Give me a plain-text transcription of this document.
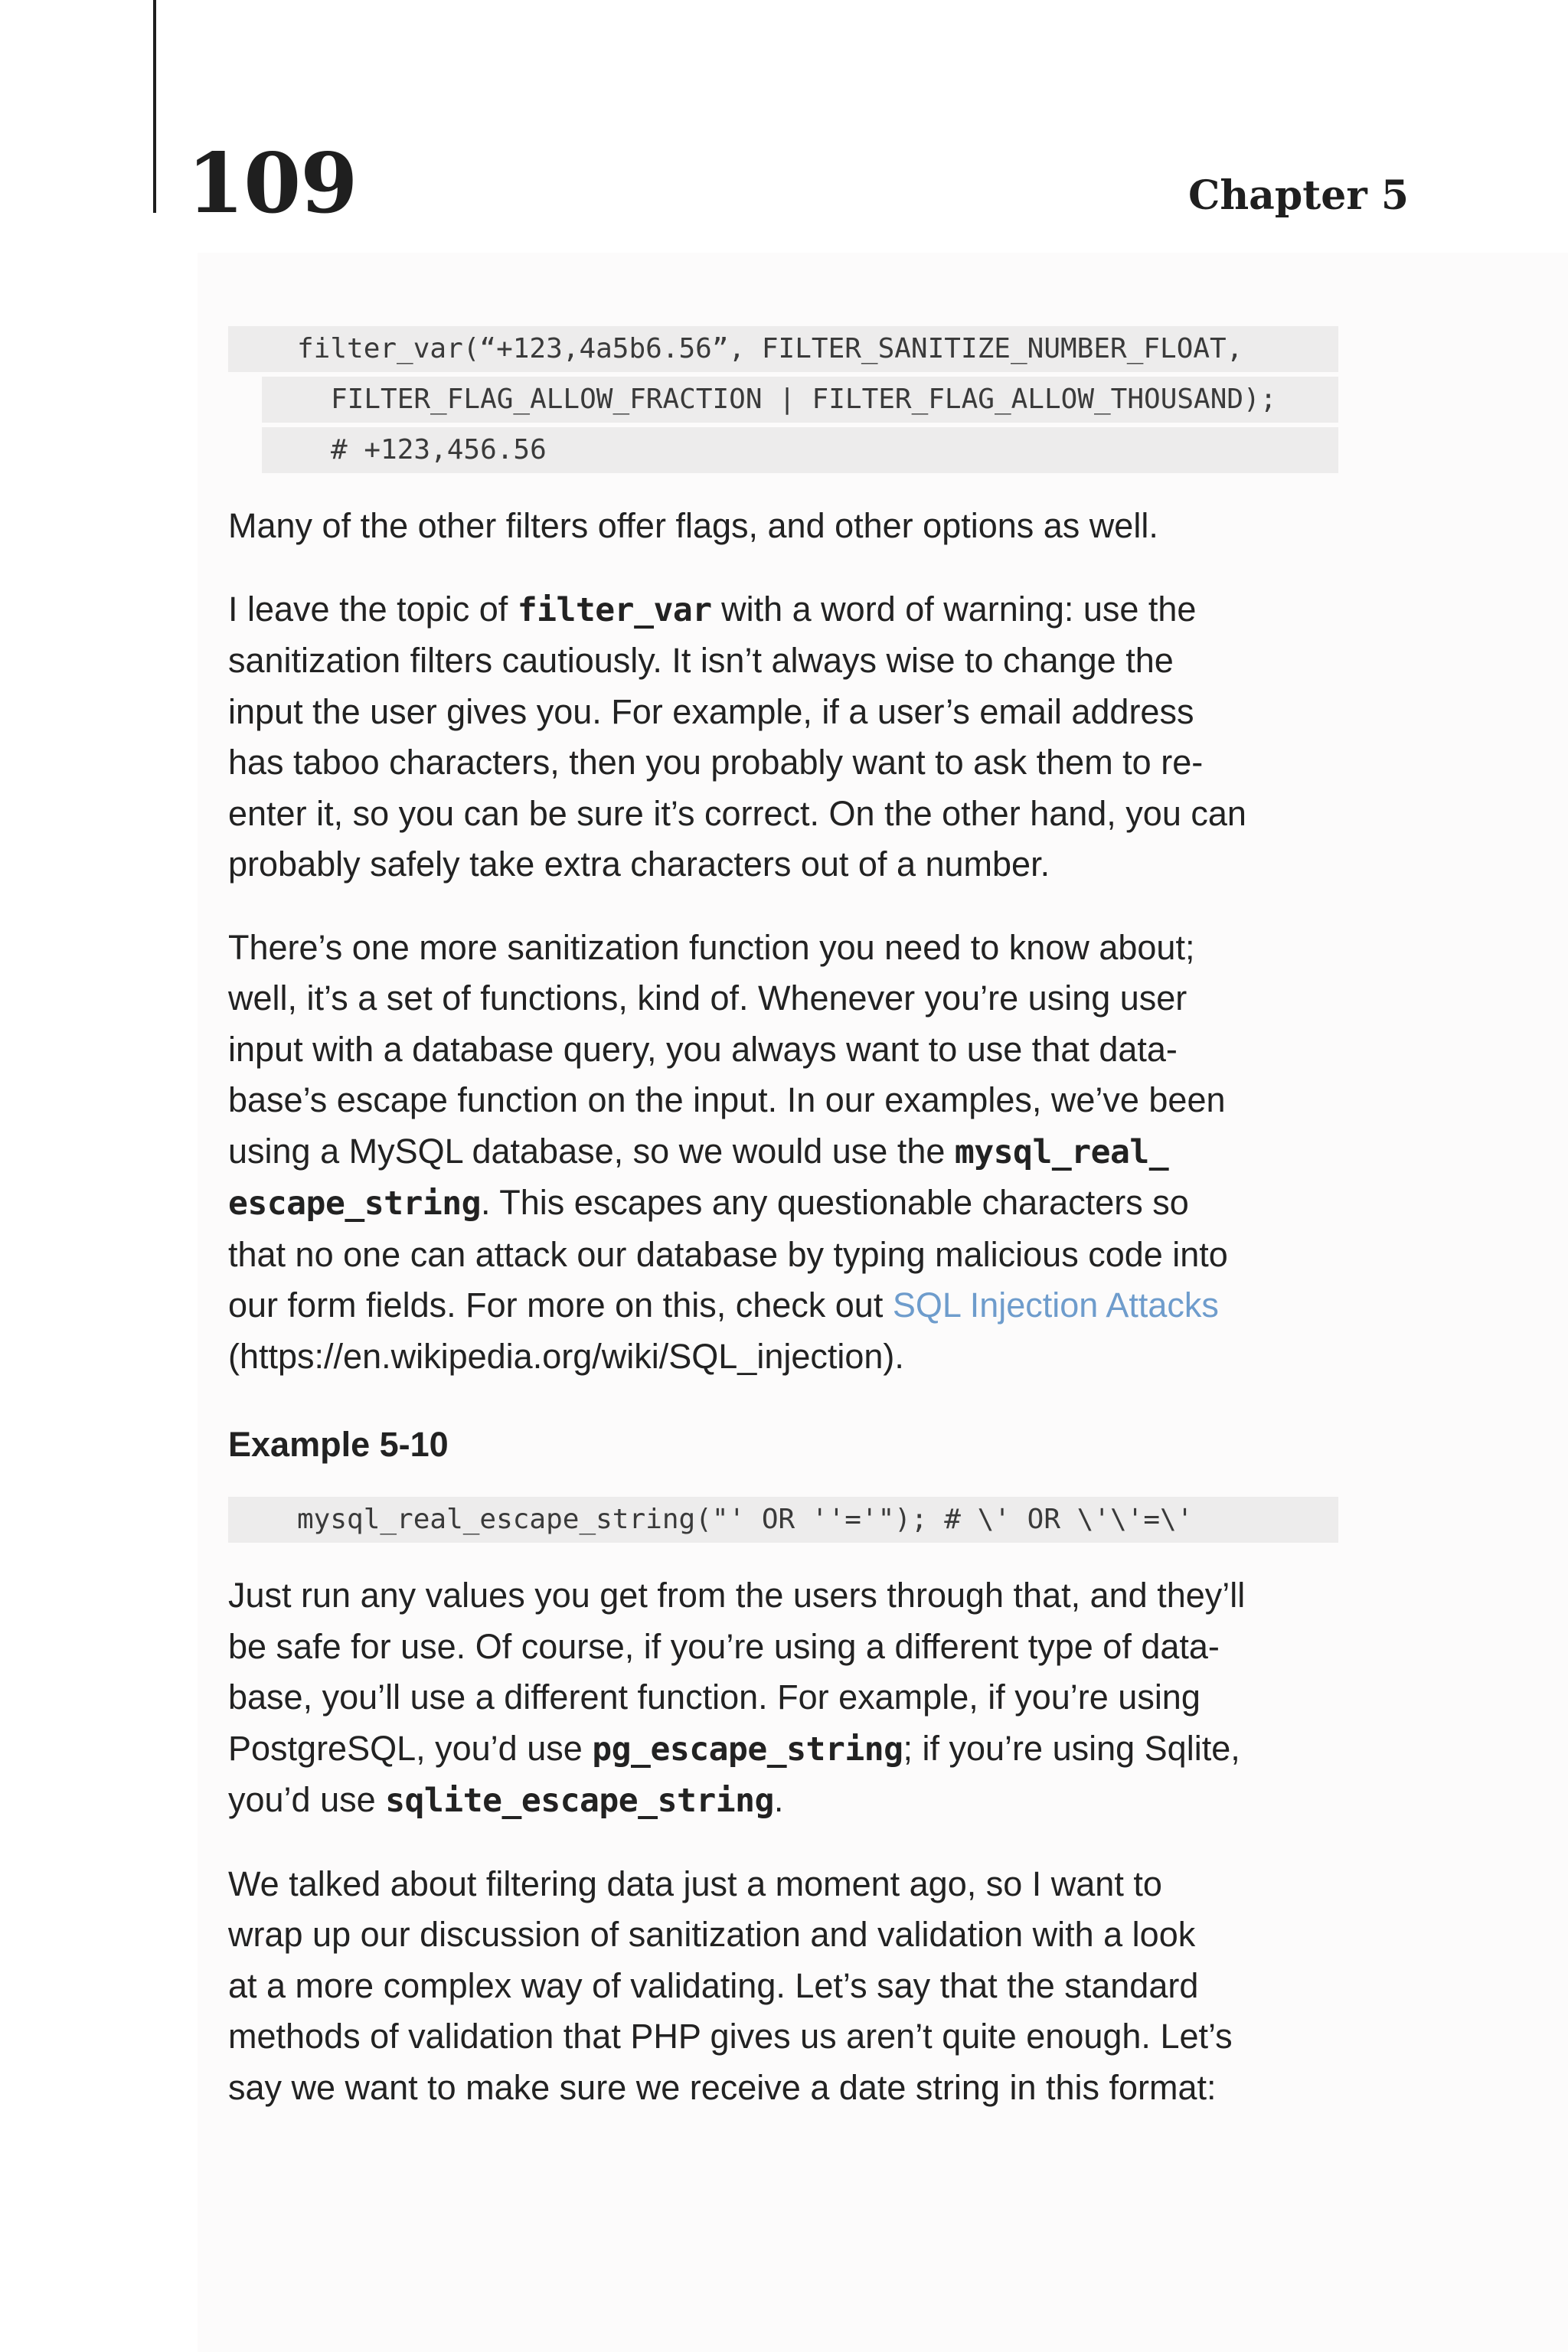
109	Chapter 5
filter_var(“+123,4a5b6.56”, FILTER_SANITIZE_NUMBER_FLOAT,
FILTER_FLAG_ALLOW_FRACTION | FILTER_FLAG_ALLOW_THOUSAND);
# +123,456.56

Many of the other filters offer flags, and other options as well.

I leave the topic of filter_var with a word of warning: use the
sanitization filters cautiously. It isn’t always wise to change the
input the user gives you. For example, if a user’s email address
has taboo characters, then you probably want to ask them to re-
enter it, so you can be sure it’s correct. On the other hand, you can
probably safely take extra characters out of a number.

There’s one more sanitization function you need to know about;
well, it’s a set of functions, kind of. Whenever you’re using user
input with a database query, you always want to use that data-
base’s escape function on the input. In our examples, we’ve been
using a MySQL database, so we would use the mysql_real_
escape_string. This escapes any questionable characters so
that no one can attack our database by typing malicious code into
our form fields. For more on this, check out SQL Injection Attacks
(https://en.wikipedia.org/wiki/SQL_injection).

Example 5-10
mysql_real_escape_string("' OR ''='"); # \' OR \'\'=\'

Just run any values you get from the users through that, and they’ll
be safe for use. Of course, if you’re using a different type of data-
base, you’ll use a different function. For example, if you’re using
PostgreSQL, you’d use pg_escape_string; if you’re using Sqlite,
you’d use sqlite_escape_string.

We talked about filtering data just a moment ago, so I want to
wrap up our discussion of sanitization and validation with a look
at a more complex way of validating. Let’s say that the standard
methods of validation that PHP gives us aren’t quite enough. Let’s
say we want to make sure we receive a date string in this format:
